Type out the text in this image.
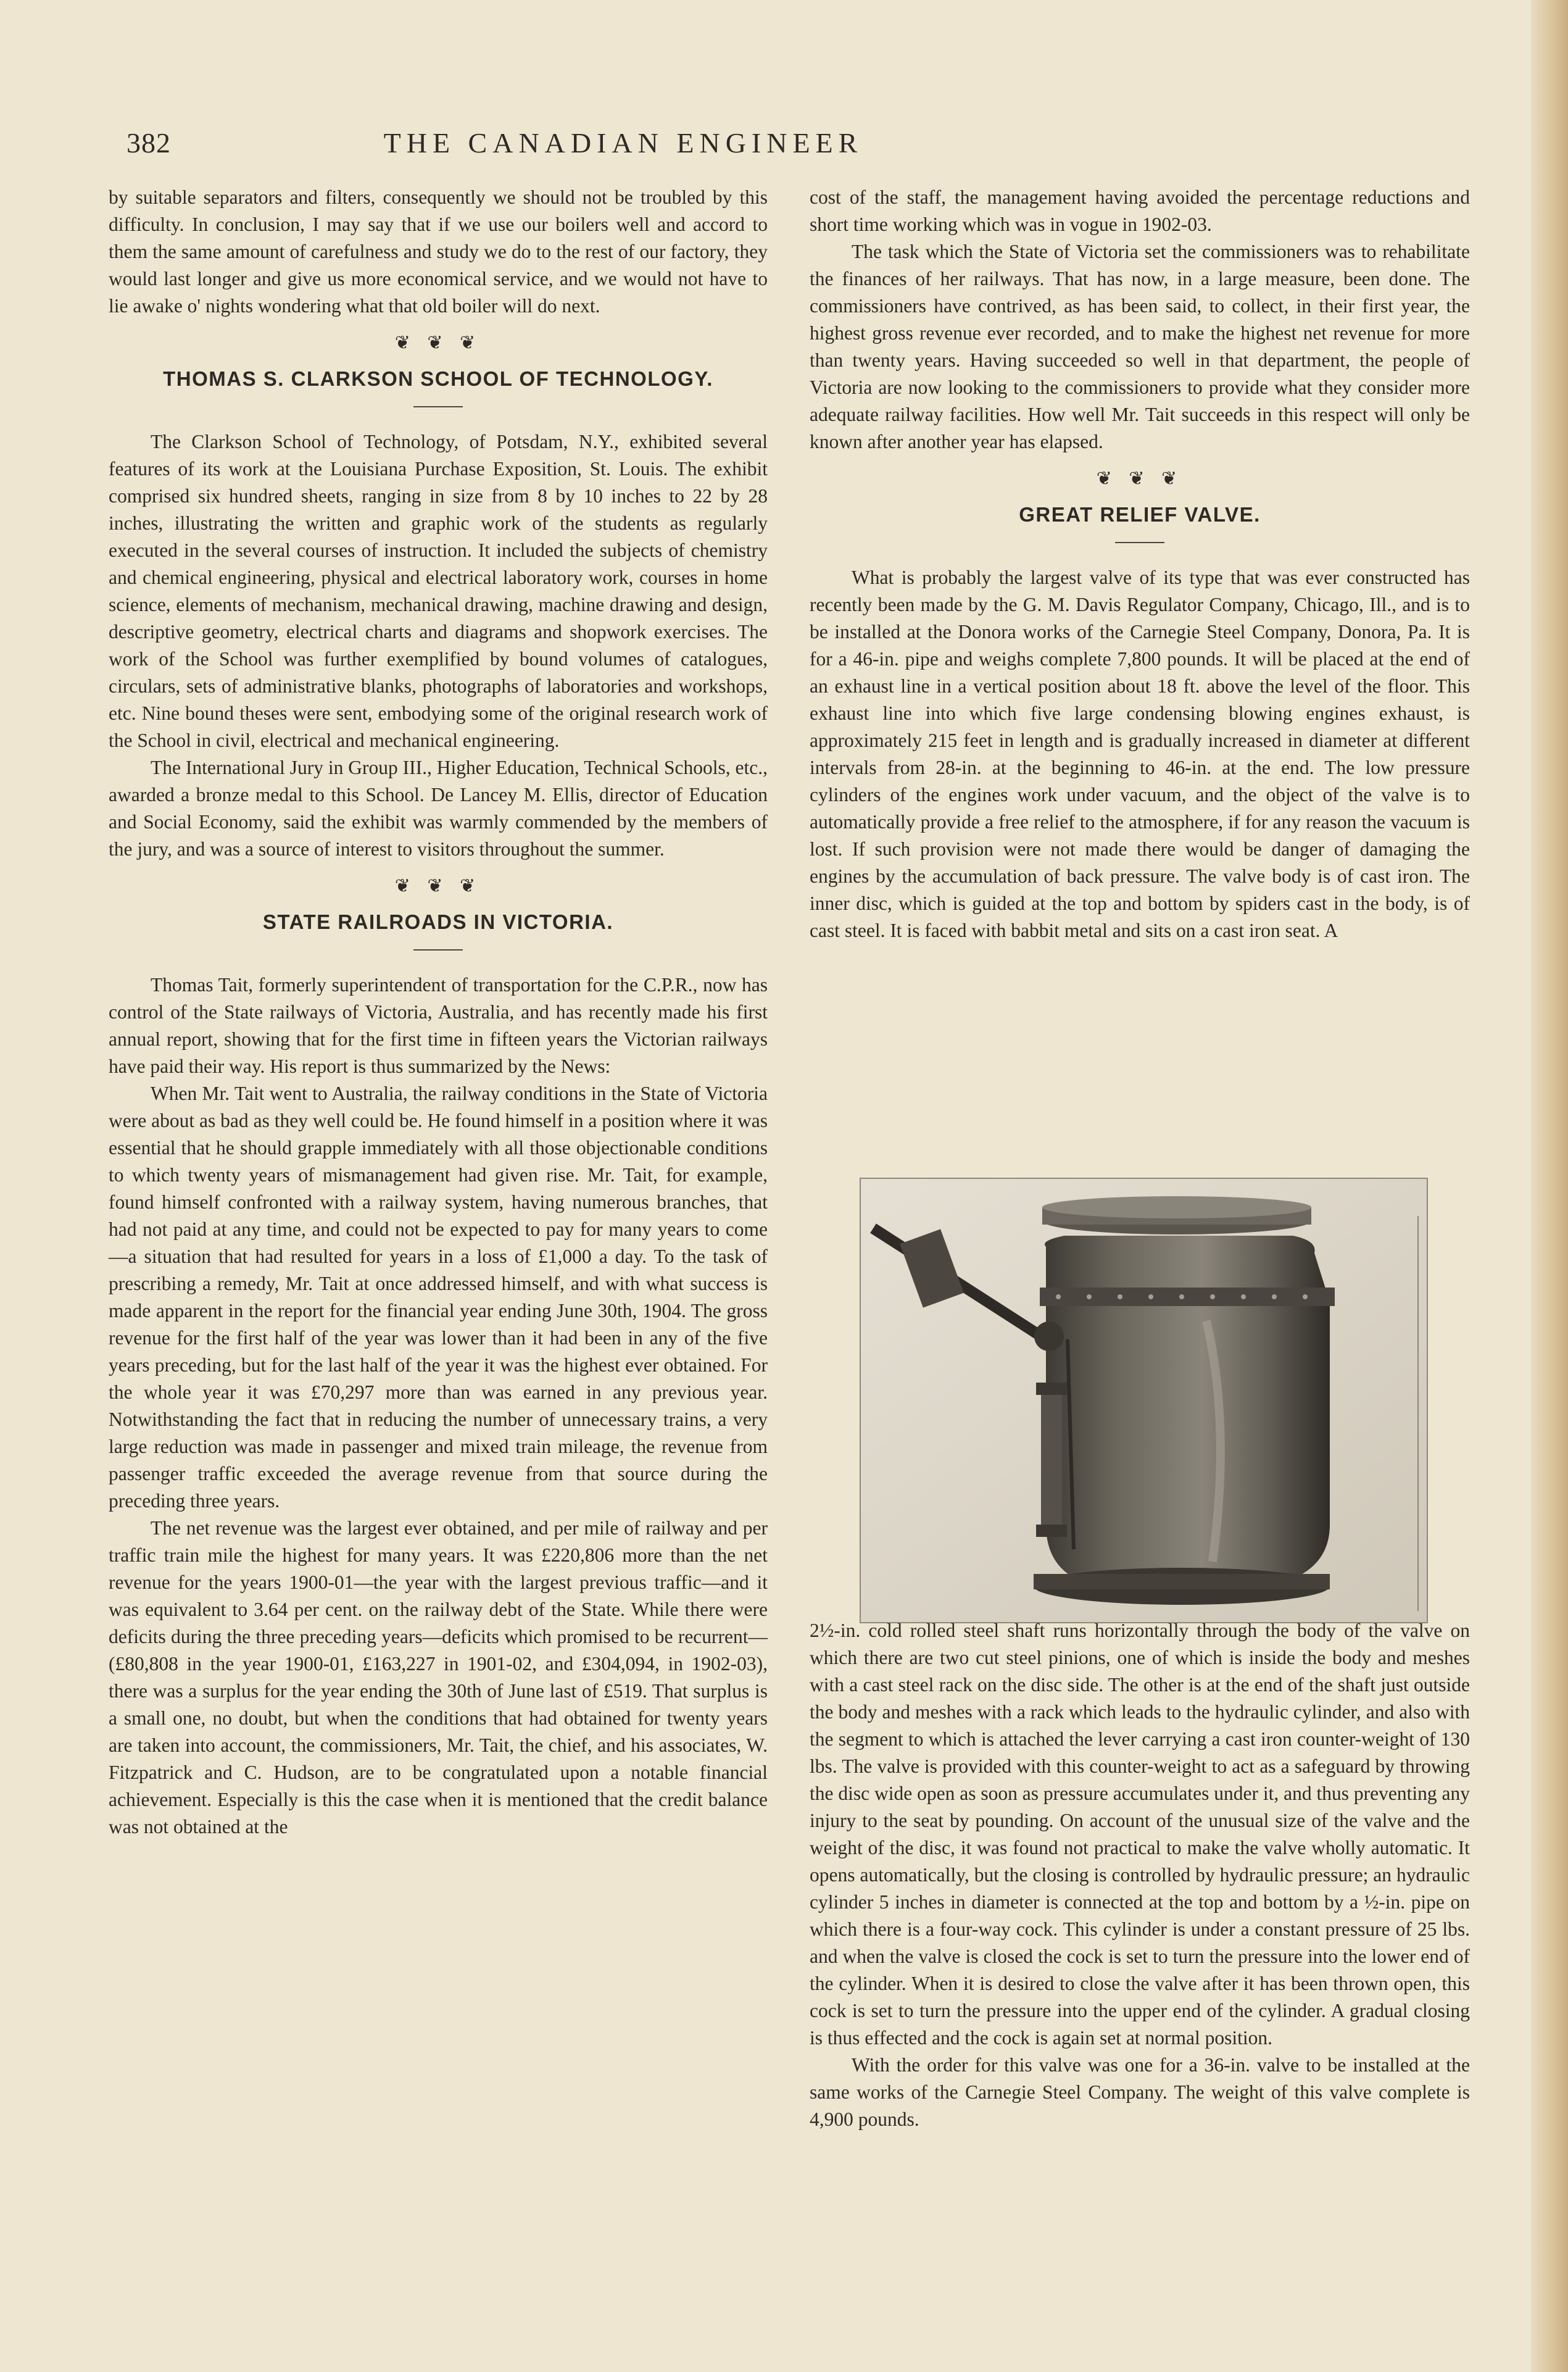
382	THE CANADIAN ENGINEER

by suitable separators and filters, consequently we should not be troubled by this difficulty. In conclusion, I may say that if we use our boilers well and accord to them the same amount of carefulness and study we do to the rest of our factory, they would last longer and give us more economical service, and we would not have to lie awake o' nights wondering what that old boiler will do next.

❦ ❦ ❦
THOMAS S. CLARKSON SCHOOL OF TECHNOLOGY.

The Clarkson School of Technology, of Potsdam, N.Y., exhibited several features of its work at the Louisiana Purchase Exposition, St. Louis. The exhibit comprised six hundred sheets, ranging in size from 8 by 10 inches to 22 by 28 inches, illustrating the written and graphic work of the students as regularly executed in the several courses of instruction. It included the subjects of chemistry and chemical engineering, physical and electrical laboratory work, courses in home science, elements of mechanism, mechanical drawing, machine drawing and design, descriptive geometry, electrical charts and diagrams and shopwork exercises. The work of the School was further exemplified by bound volumes of catalogues, circulars, sets of administrative blanks, photographs of laboratories and workshops, etc. Nine bound theses were sent, embodying some of the original research work of the School in civil, electrical and mechanical engineering.

The International Jury in Group III., Higher Education, Technical Schools, etc., awarded a bronze medal to this School. De Lancey M. Ellis, director of Education and Social Economy, said the exhibit was warmly commended by the members of the jury, and was a source of interest to visitors throughout the summer.

❦ ❦ ❦
STATE RAILROADS IN VICTORIA.

Thomas Tait, formerly superintendent of transportation for the C.P.R., now has control of the State railways of Victoria, Australia, and has recently made his first annual report, showing that for the first time in fifteen years the Victorian railways have paid their way. His report is thus summarized by the News:

When Mr. Tait went to Australia, the railway conditions in the State of Victoria were about as bad as they well could be. He found himself in a position where it was essential that he should grapple immediately with all those objectionable conditions to which twenty years of mismanagement had given rise. Mr. Tait, for example, found himself confronted with a railway system, having numerous branches, that had not paid at any time, and could not be expected to pay for many years to come—a situation that had resulted for years in a loss of £1,000 a day. To the task of prescribing a remedy, Mr. Tait at once addressed himself, and with what success is made apparent in the report for the financial year ending June 30th, 1904. The gross revenue for the first half of the year was lower than it had been in any of the five years preceding, but for the last half of the year it was the highest ever obtained. For the whole year it was £70,297 more than was earned in any previous year. Notwithstanding the fact that in reducing the number of unnecessary trains, a very large reduction was made in passenger and mixed train mileage, the revenue from passenger traffic exceeded the average revenue from that source during the preceding three years.

The net revenue was the largest ever obtained, and per mile of railway and per traffic train mile the highest for many years. It was £220,806 more than the net revenue for the years 1900-01—the year with the largest previous traffic—and it was equivalent to 3.64 per cent. on the railway debt of the State. While there were deficits during the three preceding years—deficits which promised to be recurrent—(£80,808 in the year 1900-01, £163,227 in 1901-02, and £304,094, in 1902-03), there was a surplus for the year ending the 30th of June last of £519. That surplus is a small one, no doubt, but when the conditions that had obtained for twenty years are taken into account, the commissioners, Mr. Tait, the chief, and his associates, W. Fitzpatrick and C. Hudson, are to be congratulated upon a notable financial achievement. Especially is this the case when it is mentioned that the credit balance was not obtained at the

cost of the staff, the management having avoided the percentage reductions and short time working which was in vogue in 1902-03.

The task which the State of Victoria set the commissioners was to rehabilitate the finances of her railways. That has now, in a large measure, been done. The commissioners have contrived, as has been said, to collect, in their first year, the highest gross revenue ever recorded, and to make the highest net revenue for more than twenty years. Having succeeded so well in that department, the people of Victoria are now looking to the commissioners to provide what they consider more adequate railway facilities. How well Mr. Tait succeeds in this respect will only be known after another year has elapsed.

❦ ❦ ❦
GREAT RELIEF VALVE.

What is probably the largest valve of its type that was ever constructed has recently been made by the G. M. Davis Regulator Company, Chicago, Ill., and is to be installed at the Donora works of the Carnegie Steel Company, Donora, Pa. It is for a 46-in. pipe and weighs complete 7,800 pounds. It will be placed at the end of an exhaust line in a vertical position about 18 ft. above the level of the floor. This exhaust line into which five large condensing blowing engines exhaust, is approximately 215 feet in length and is gradually increased in diameter at different intervals from 28-in. at the beginning to 46-in. at the end. The low pressure cylinders of the engines work under vacuum, and the object of the valve is to automatically provide a free relief to the atmosphere, if for any reason the vacuum is lost. If such provision were not made there would be danger of damaging the engines by the accumulation of back pressure. The valve body is of cast iron. The inner disc, which is guided at the top and bottom by spiders cast in the body, is of cast steel. It is faced with babbit metal and sits on a cast iron seat. A

2½-in. cold rolled steel shaft runs horizontally through the body of the valve on which there are two cut steel pinions, one of which is inside the body and meshes with a cast steel rack on the disc side. The other is at the end of the shaft just outside the body and meshes with a rack which leads to the hydraulic cylinder, and also with the segment to which is attached the lever carrying a cast iron counter-weight of 130 lbs. The valve is provided with this counter-weight to act as a safeguard by throwing the disc wide open as soon as pressure accumulates under it, and thus preventing any injury to the seat by pounding. On account of the unusual size of the valve and the weight of the disc, it was found not practical to make the valve wholly automatic. It opens automatically, but the closing is controlled by hydraulic pressure; an hydraulic cylinder 5 inches in diameter is connected at the top and bottom by a ½-in. pipe on which there is a four-way cock. This cylinder is under a constant pressure of 25 lbs. and when the valve is closed the cock is set to turn the pressure into the lower end of the cylinder. When it is desired to close the valve after it has been thrown open, this cock is set to turn the pressure into the upper end of the cylinder. A gradual closing is thus effected and the cock is again set at normal position.

With the order for this valve was one for a 36-in. valve to be installed at the same works of the Carnegie Steel Company. The weight of this valve complete is 4,900 pounds.
